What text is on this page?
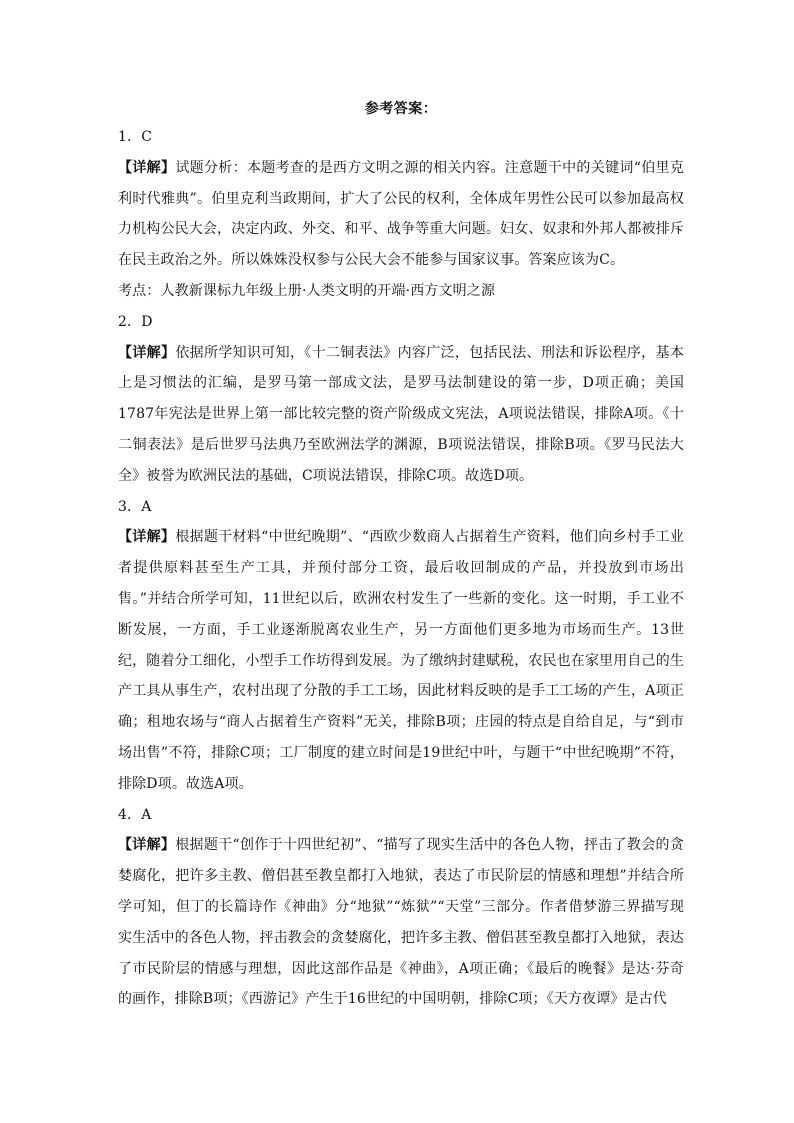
参考答案：
1．C

【详解】试题分析：本题考查的是西方文明之源的相关内容。注意题干中的关键词“伯里克利时代雅典”。伯里克利当政期间，扩大了公民的权利，全体成年男性公民可以参加最高权力机构公民大会，决定内政、外交、和平、战争等重大问题。妇女、奴隶和外邦人都被排斥在民主政治之外。所以姝姝没权参与公民大会不能参与国家议事。答案应该为C。

考点：人教新课标九年级上册·人类文明的开端·西方文明之源

2．D

【详解】依据所学知识可知，《十二铜表法》内容广泛，包括民法、刑法和诉讼程序，基本上是习惯法的汇编，是罗马第一部成文法，是罗马法制建设的第一步，D项正确；美国1787年宪法是世界上第一部比较完整的资产阶级成文宪法，A项说法错误，排除A项。《十二铜表法》是后世罗马法典乃至欧洲法学的渊源，B项说法错误，排除B项。《罗马民法大全》被誉为欧洲民法的基础，C项说法错误，排除C项。故选D项。

3．A

【详解】根据题干材料“中世纪晚期”、“西欧少数商人占据着生产资料，他们向乡村手工业者提供原料甚至生产工具，并预付部分工资，最后收回制成的产品，并投放到市场出售。”并结合所学可知，11世纪以后，欧洲农村发生了一些新的变化。这一时期，手工业不断发展，一方面，手工业逐渐脱离农业生产，另一方面他们更多地为市场而生产。13世纪，随着分工细化，小型手工作坊得到发展。为了缴纳封建赋税，农民也在家里用自己的生产工具从事生产，农村出现了分散的手工工场，因此材料反映的是手工工场的产生，A项正确；租地农场与“商人占据着生产资料”无关，排除B项；庄园的特点是自给自足，与“到市场出售”不符，排除C项；工厂制度的建立时间是19世纪中叶，与题干“中世纪晚期”不符，排除D项。故选A项。

4．A

【详解】根据题干“创作于十四世纪初”、“描写了现实生活中的各色人物，抨击了教会的贪婪腐化，把许多主教、僧侣甚至教皇都打入地狱，表达了市民阶层的情感和理想”并结合所学可知，但丁的长篇诗作《神曲》分“地狱”“炼狱”“天堂”三部分。作者借梦游三界描写现实生活中的各色人物，抨击教会的贪婪腐化，把许多主教、僧侣甚至教皇都打入地狱，表达了市民阶层的情感与理想，因此这部作品是《神曲》，A项正确；《最后的晚餐》是达·芬奇的画作，排除B项；《西游记》产生于16世纪的中国明朝，排除C项；《天方夜谭》是古代
